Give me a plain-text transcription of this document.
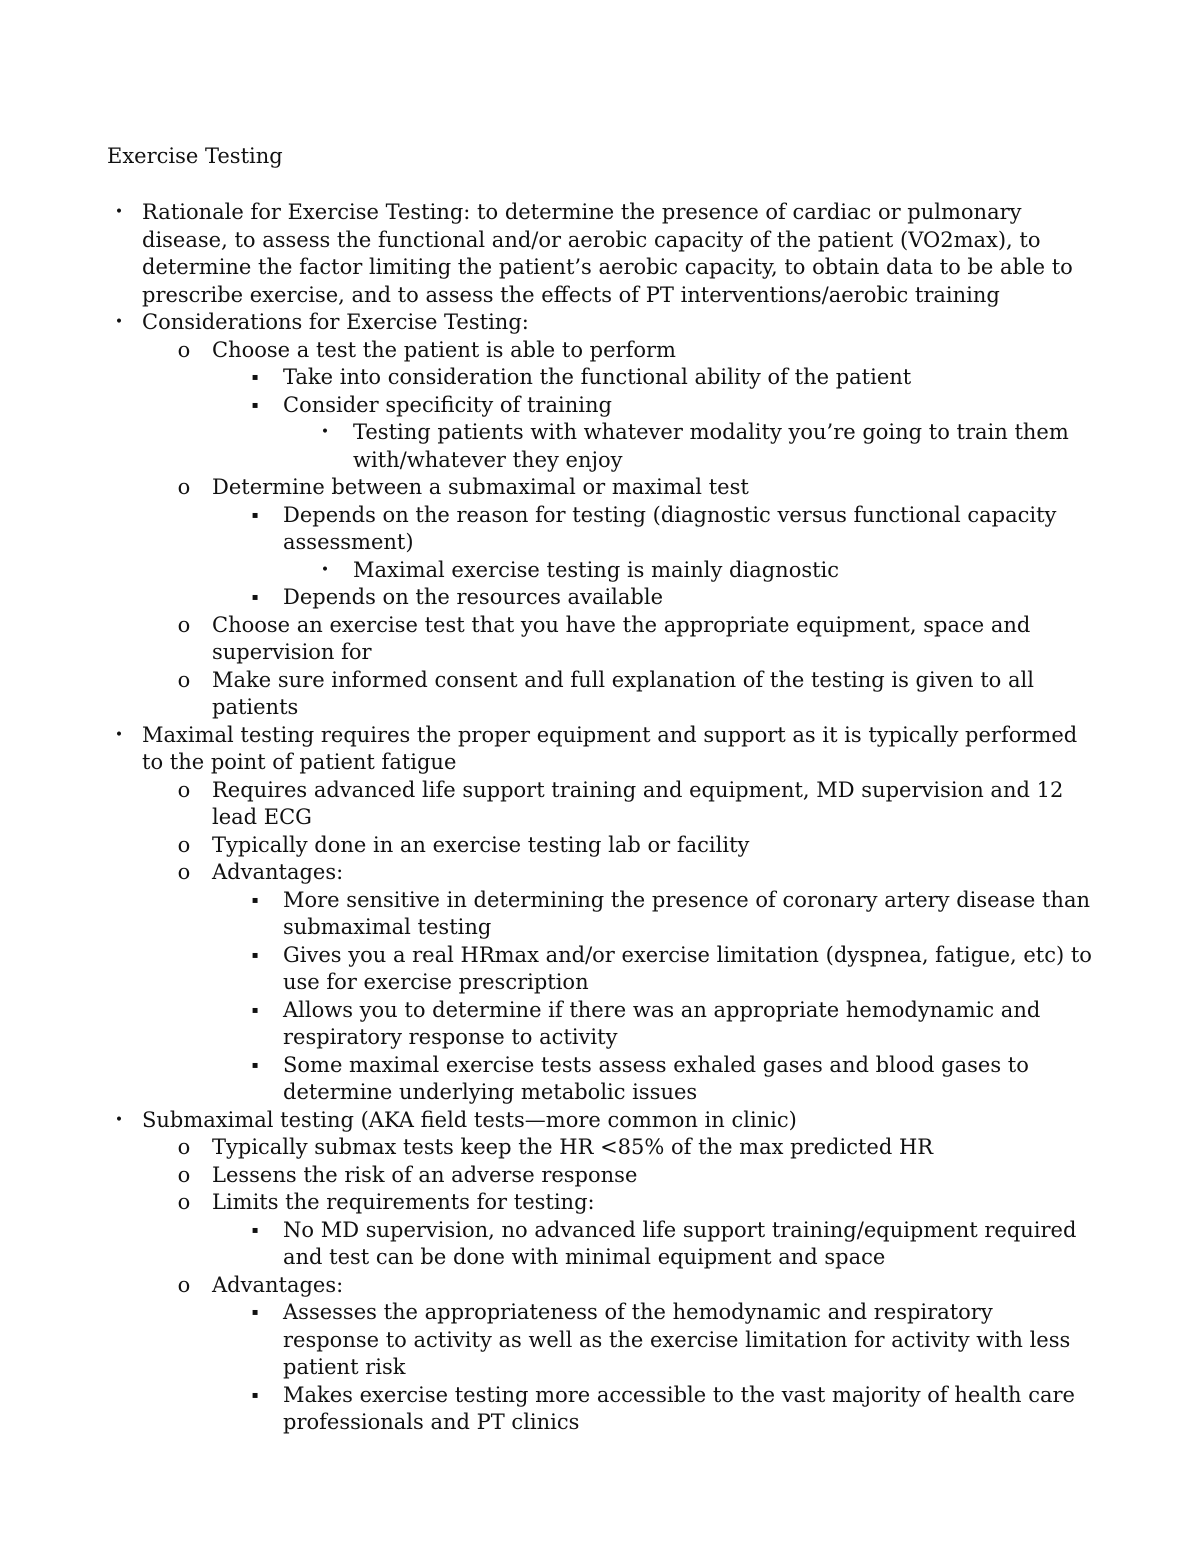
Exercise Testing
• Rationale for Exercise Testing: to determine the presence of cardiac or pulmonary disease, to assess the functional and/or aerobic capacity of the patient (VO2max), to determine the factor limiting the patient’s aerobic capacity, to obtain data to be able to prescribe exercise, and to assess the effects of PT interventions/aerobic training
• Considerations for Exercise Testing:
o Choose a test the patient is able to perform
▪	Take into consideration the functional ability of the patient
▪	Consider specificity of training
• Testing patients with whatever modality you’re going to train them with/whatever they enjoy
o Determine between a submaximal or maximal test
▪	Depends on the reason for testing (diagnostic versus functional capacity assessment)
• Maximal exercise testing is mainly diagnostic
▪	Depends on the resources available
o Choose an exercise test that you have the appropriate equipment, space and supervision for
o Make sure informed consent and full explanation of the testing is given to all patients
• Maximal testing requires the proper equipment and support as it is typically performed to the point of patient fatigue
o Requires advanced life support training and equipment, MD supervision and 12 lead ECG
o Typically done in an exercise testing lab or facility
o Advantages:
▪	More sensitive in determining the presence of coronary artery disease than submaximal testing
▪	Gives you a real HRmax and/or exercise limitation (dyspnea, fatigue, etc) to use for exercise prescription
▪	Allows you to determine if there was an appropriate hemodynamic and respiratory response to activity
▪	Some maximal exercise tests assess exhaled gases and blood gases to determine underlying metabolic issues
• Submaximal testing (AKA field tests—more common in clinic)
o Typically submax tests keep the HR <85% of the max predicted HR
o Lessens the risk of an adverse response
o Limits the requirements for testing:
▪	No MD supervision, no advanced life support training/equipment required and test can be done with minimal equipment and space
o Advantages:
▪	Assesses the appropriateness of the hemodynamic and respiratory response to activity as well as the exercise limitation for activity with less patient risk
▪	Makes exercise testing more accessible to the vast majority of health care professionals and PT clinics
